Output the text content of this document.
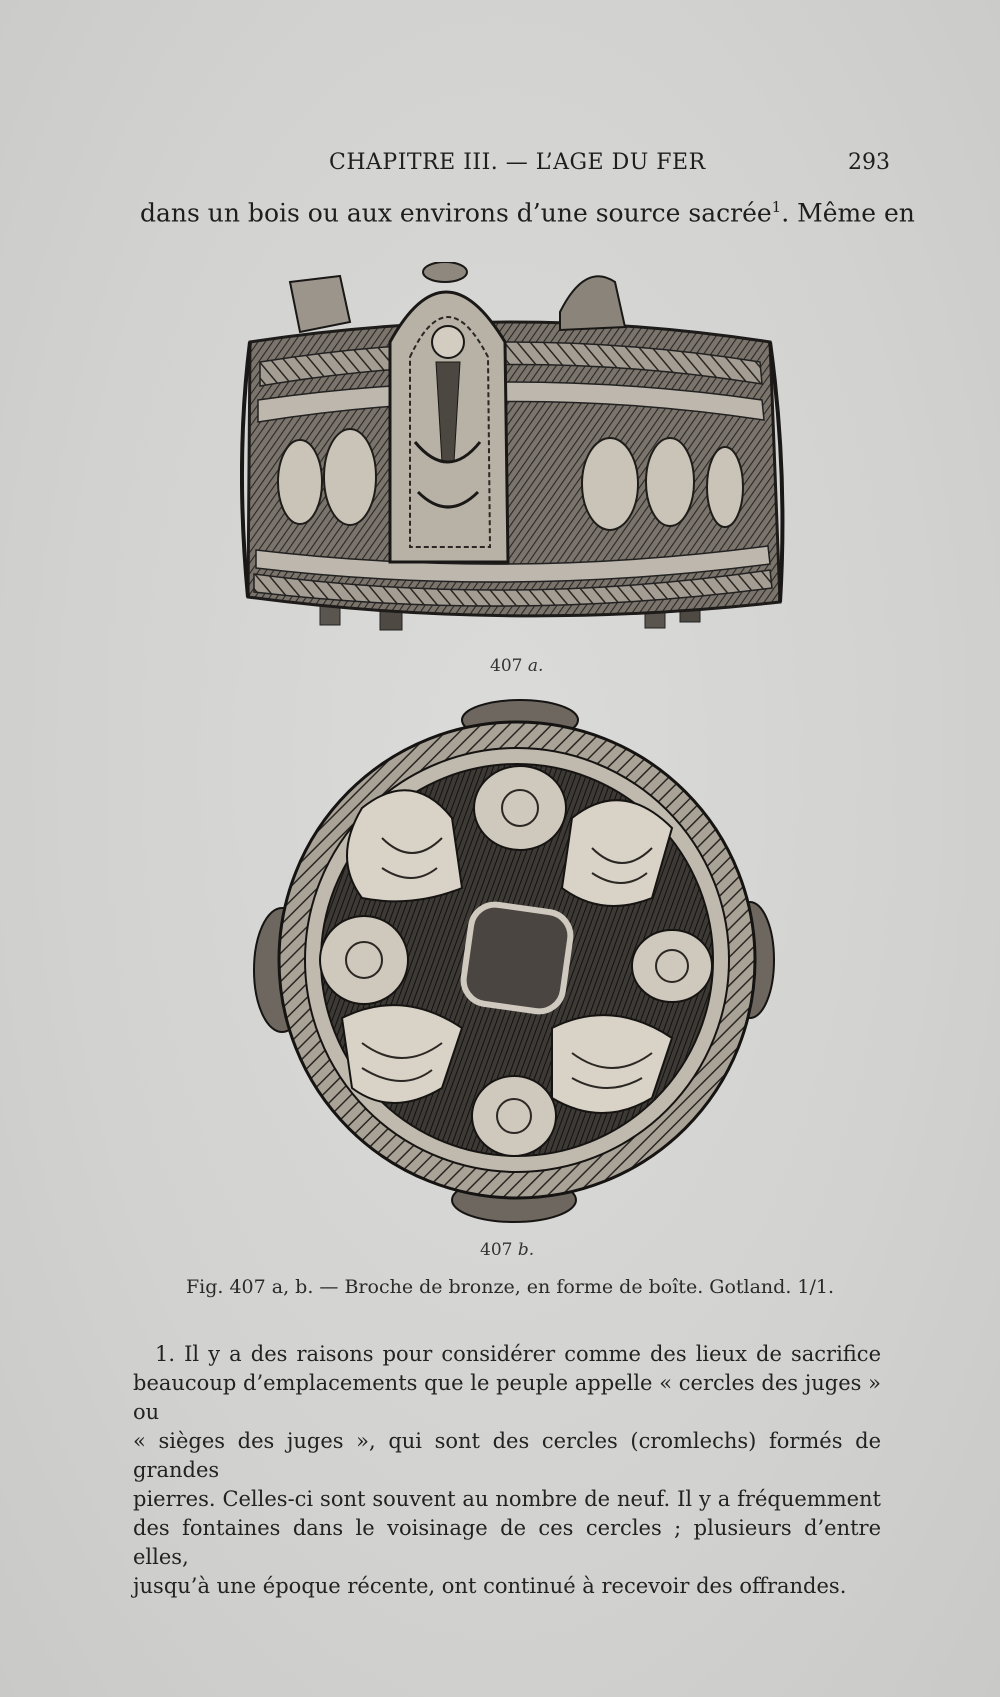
CHAPITRE III. — L’AGE DU FER	293
dans un bois ou aux environs d’une source sacrée$^1$. Même en
407 a.
407 b.
Fig. 407 a, b. — Broche de bronze, en forme de boîte. Gotland. 1/1.
1. Il y a des raisons pour considérer comme des lieux de sacrifice
beaucoup d’emplacements que le peuple appelle « cercles des juges » ou
« sièges des juges », qui sont des cercles (cromlechs) formés de grandes
pierres. Celles-ci sont souvent au nombre de neuf. Il y a fréquemment
des fontaines dans le voisinage de ces cercles ; plusieurs d’entre elles,
jusqu’à une époque récente, ont continué à recevoir des offrandes.
